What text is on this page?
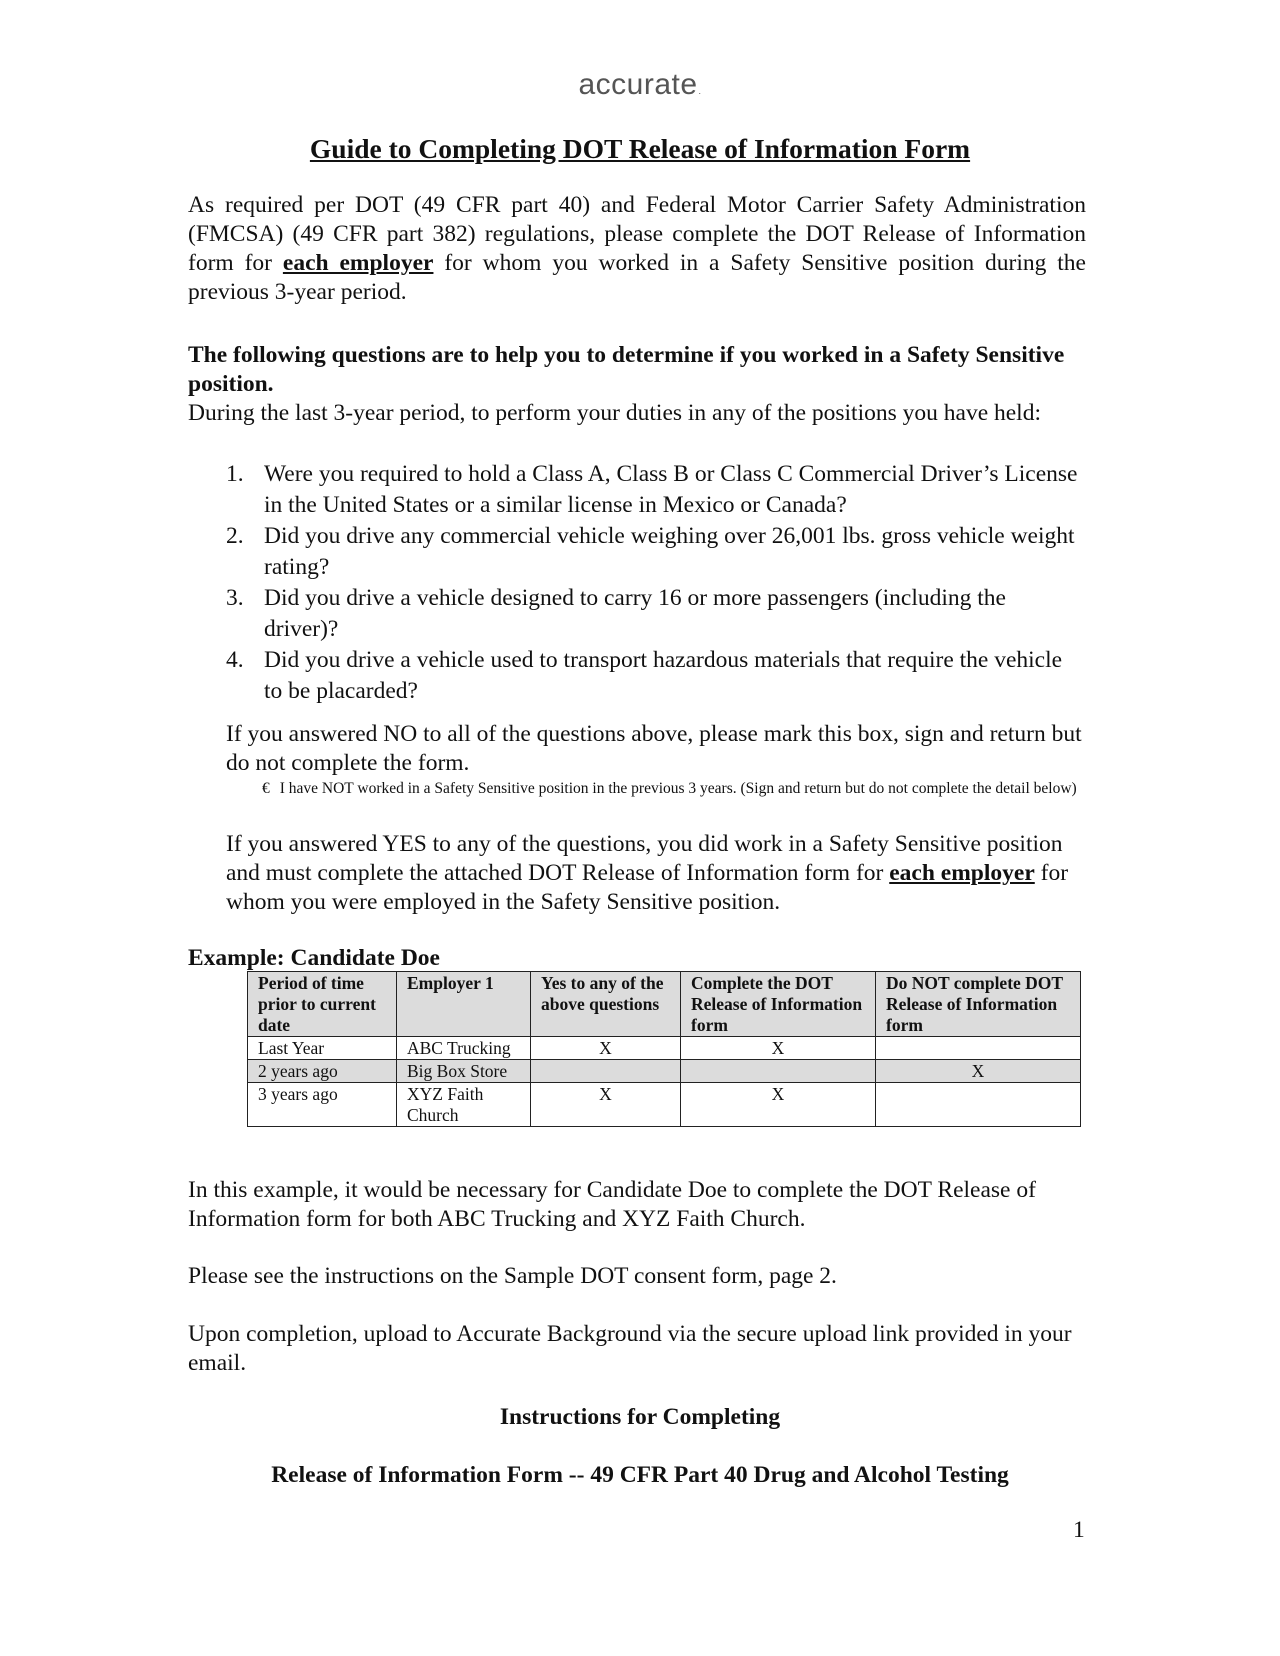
accurate.
Guide to Completing DOT Release of Information Form
As required per DOT (49 CFR part 40) and Federal Motor Carrier Safety Administration (FMCSA) (49 CFR part 382) regulations, please complete the DOT Release of Information form for each employer for whom you worked in a Safety Sensitive position during the previous 3-year period.
The following questions are to help you to determine if you worked in a Safety Sensitive position.
During the last 3-year period, to perform your duties in any of the positions you have held:
1. Were you required to hold a Class A, Class B or Class C Commercial Driver’s License in the United States or a similar license in Mexico or Canada?
2. Did you drive any commercial vehicle weighing over 26,001 lbs. gross vehicle weight rating?
3. Did you drive a vehicle designed to carry 16 or more passengers (including the driver)?
4. Did you drive a vehicle used to transport hazardous materials that require the vehicle to be placarded?
If you answered NO to all of the questions above, please mark this box, sign and return but do not complete the form.
€ I have NOT worked in a Safety Sensitive position in the previous 3 years. (Sign and return but do not complete the detail below)
If you answered YES to any of the questions, you did work in a Safety Sensitive position and must complete the attached DOT Release of Information form for each employer for whom you were employed in the Safety Sensitive position.
Example: Candidate Doe
Period of time prior to current date	Employer 1	Yes to any of the above questions	Complete the DOT Release of Information form	Do NOT complete DOT Release of Information form
Last Year	ABC Trucking	X	X	
2 years ago	Big Box Store			X
3 years ago	XYZ Faith Church	X	X	
In this example, it would be necessary for Candidate Doe to complete the DOT Release of Information form for both ABC Trucking and XYZ Faith Church.
Please see the instructions on the Sample DOT consent form, page 2.
Upon completion, upload to Accurate Background via the secure upload link provided in your email.
Instructions for Completing
Release of Information Form -- 49 CFR Part 40 Drug and Alcohol Testing
1
